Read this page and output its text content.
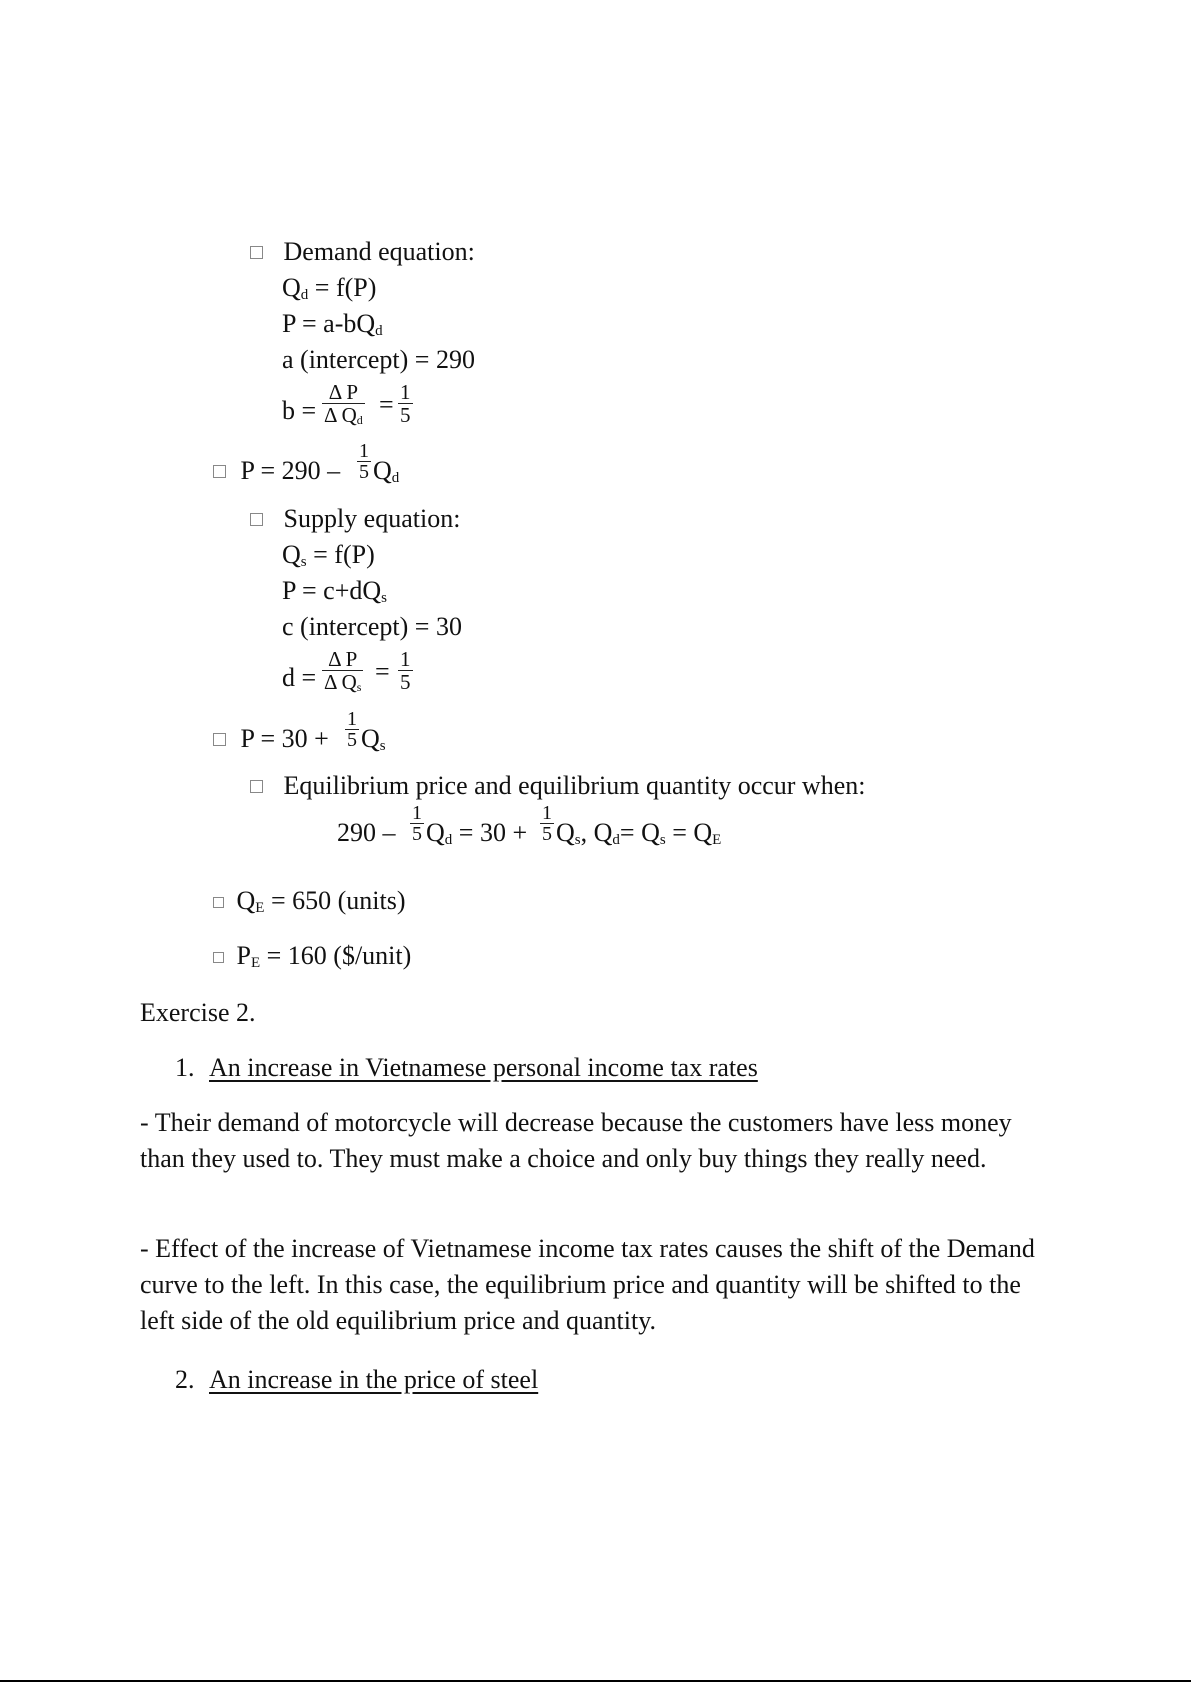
Demand equation:
$Q_d = f(P)$
$P = a-bQ_d$
a (intercept) = 290
$b = \frac{\text{Δ P}}{\Delta Q_d} = \frac{1}{5}$
$P = 290 - \frac{1}{5} Q_d$
Supply equation:
$Q_s = f(P)$
$P = c+dQ_s$
c (intercept) = 30
$d = \frac{\text{Δ P}}{\Delta Q_s} = \frac{1}{5}$
$P = 30 + \frac{1}{5} Q_s$
Equilibrium price and equilibrium quantity occur when:
$290 - \frac{1}{5} Q_d = 30 + \frac{1}{5} Q_s$, $Q_d= Q_s = Q_E$
$Q_E = 650$ (units)
$P_E = 160$ ($/unit)
Exercise 2.
1. An increase in Vietnamese personal income tax rates
- Their demand of motorcycle will decrease because the customers have less money than they used to. They must make a choice and only buy things they really need.
- Effect of the increase of Vietnamese income tax rates causes the shift of the Demand curve to the left. In this case, the equilibrium price and quantity will be shifted to the left side of the old equilibrium price and quantity.
2. An increase in the price of steel
